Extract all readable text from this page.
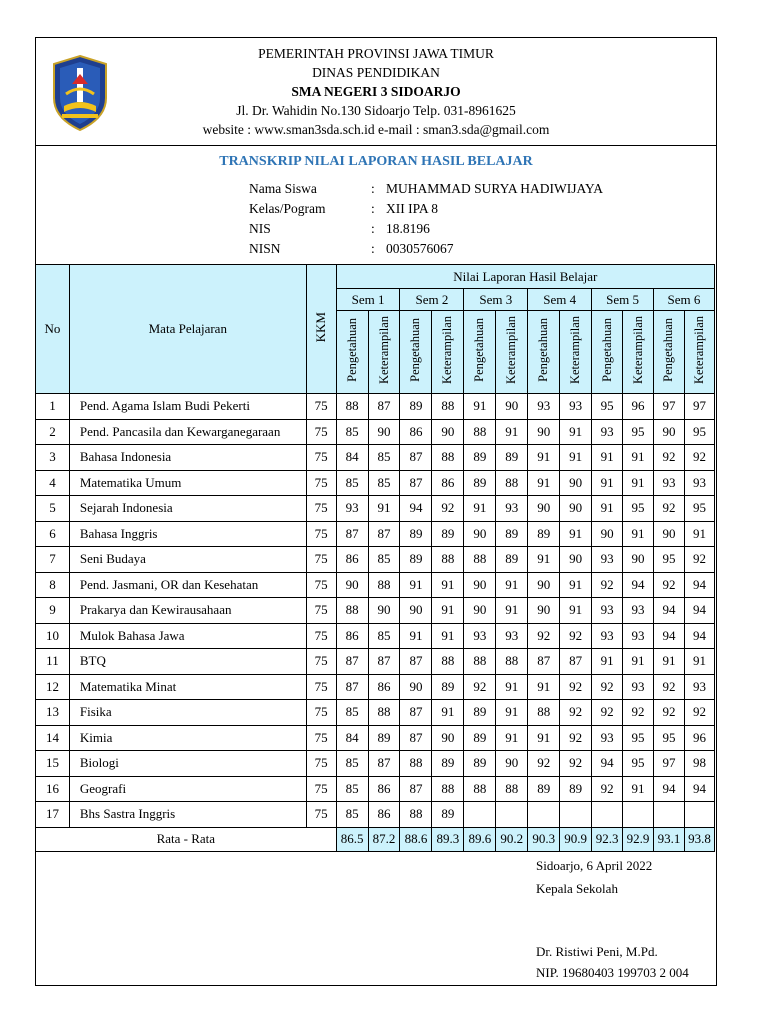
PEMERINTAH PROVINSI JAWA TIMUR
DINAS PENDIDIKAN
SMA NEGERI 3 SIDOARJO
Jl. Dr. Wahidin No.130 Sidoarjo Telp. 031-8961625
website : www.sman3sda.sch.id e-mail : sman3.sda@gmail.com
TRANSKRIP NILAI LAPORAN HASIL BELAJAR
Nama Siswa	: MUHAMMAD SURYA HADIWIJAYA
Kelas/Pogram	: XII IPA 8
NIS	: 18.8196
NISN	: 0030576067
No	Mata Pelajaran	KKM	Nilai Laporan Hasil Belajar											
			Sem 1		Sem 2		Sem 3		Sem 4		Sem 5		Sem 6	
			Pengetahuan	Keterampilan	Pengetahuan	Keterampilan	Pengetahuan	Keterampilan	Pengetahuan	Keterampilan	Pengetahuan	Keterampilan	Pengetahuan	Keterampilan
1	Pend. Agama Islam Budi Pekerti	75	88	87	89	88	91	90	93	93	95	96	97	97
2	Pend. Pancasila dan Kewarganegaraan	75	85	90	86	90	88	91	90	91	93	95	90	95
3	Bahasa Indonesia	75	84	85	87	88	89	89	91	91	91	91	92	92
4	Matematika Umum	75	85	85	87	86	89	88	91	90	91	91	93	93
5	Sejarah Indonesia	75	93	91	94	92	91	93	90	90	91	95	92	95
6	Bahasa Inggris	75	87	87	89	89	90	89	89	91	90	91	90	91
7	Seni Budaya	75	86	85	89	88	88	89	91	90	93	90	95	92
8	Pend. Jasmani, OR dan Kesehatan	75	90	88	91	91	90	91	90	91	92	94	92	94
9	Prakarya dan Kewirausahaan	75	88	90	90	91	90	91	90	91	93	93	94	94
10	Mulok Bahasa Jawa	75	86	85	91	91	93	93	92	92	93	93	94	94
11	BTQ	75	87	87	87	88	88	88	87	87	91	91	91	91
12	Matematika Minat	75	87	86	90	89	92	91	91	92	92	93	92	93
13	Fisika	75	85	88	87	91	89	91	88	92	92	92	92	92
14	Kimia	75	84	89	87	90	89	91	91	92	93	95	95	96
15	Biologi	75	85	87	88	89	89	90	92	92	94	95	97	98
16	Geografi	75	85	86	87	88	88	88	89	89	92	91	94	94
17	Bhs Sastra Inggris	75	85	86	88	89								
Rata - Rata			86.5	87.2	88.6	89.3	89.6	90.2	90.3	90.9	92.3	92.9	93.1	93.8
Sidoarjo, 6 April 2022
Kepala Sekolah
Dr. Ristiwi Peni, M.Pd.
NIP. 19680403 199703 2 004
